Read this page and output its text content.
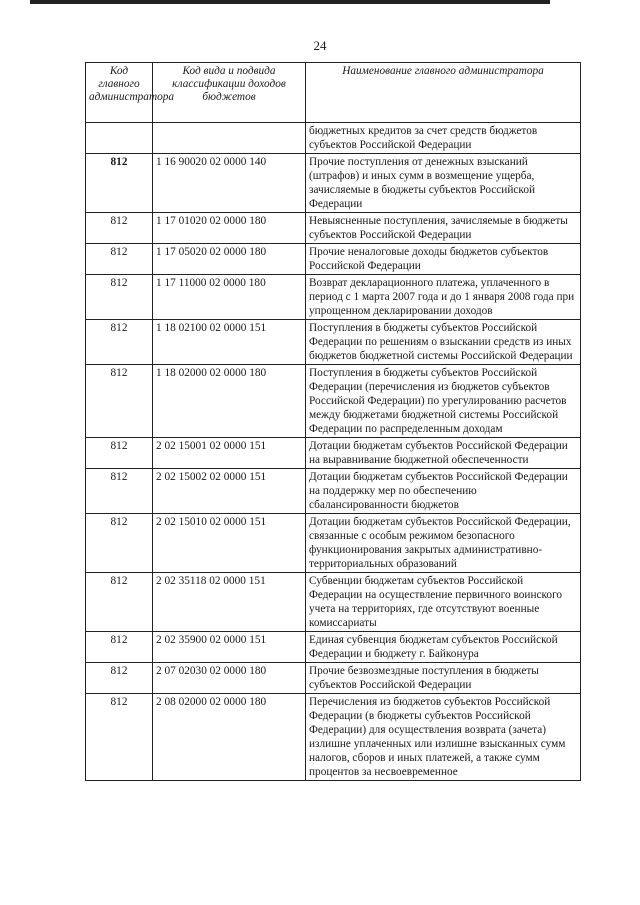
24
Код главного администратора	Код вида и подвида классификации доходов бюджетов	Наименование главного администратора
		бюджетных кредитов за счет средств бюджетов субъектов Российской Федерации
812	1 16 90020 02 0000 140	Прочие поступления от денежных взысканий (штрафов) и иных сумм в возмещение ущерба, зачисляемые в бюджеты субъектов Российской Федерации
812	1 17 01020 02 0000 180	Невыясненные поступления, зачисляемые в бюджеты субъектов Российской Федерации
812	1 17 05020 02 0000 180	Прочие неналоговые доходы бюджетов субъектов Российской Федерации
812	1 17 11000 02 0000 180	Возврат декларационного платежа, уплаченного в период с 1 марта 2007 года и до 1 января 2008 года при упрощенном декларировании доходов
812	1 18 02100 02 0000 151	Поступления в бюджеты субъектов Российской Федерации по решениям о взыскании средств из иных бюджетов бюджетной системы Российской Федерации
812	1 18 02000 02 0000 180	Поступления в бюджеты субъектов Российской Федерации (перечисления из бюджетов субъектов Российской Федерации) по урегулированию расчетов между бюджетами бюджетной системы Российской Федерации по распределенным доходам
812	2 02 15001 02 0000 151	Дотации бюджетам субъектов Российской Федерации на выравнивание бюджетной обеспеченности
812	2 02 15002 02 0000 151	Дотации бюджетам субъектов Российской Федерации на поддержку мер по обеспечению сбалансированности бюджетов
812	2 02 15010 02 0000 151	Дотации бюджетам субъектов Российской Федерации, связанные с особым режимом безопасного функционирования закрытых административно-территориальных образований
812	2 02 35118 02 0000 151	Субвенции бюджетам субъектов Российской Федерации на осуществление первичного воинского учета на территориях, где отсутствуют военные комиссариаты
812	2 02 35900 02 0000 151	Единая субвенция бюджетам субъектов Российской Федерации и бюджету г. Байконура
812	2 07 02030 02 0000 180	Прочие безвозмездные поступления в бюджеты субъектов Российской Федерации
812	2 08 02000 02 0000 180	Перечисления из бюджетов субъектов Российской Федерации (в бюджеты субъектов Российской Федерации) для осуществления возврата (зачета) излишне уплаченных или излишне взысканных сумм налогов, сборов и иных платежей, а также сумм процентов за несвоевременное
